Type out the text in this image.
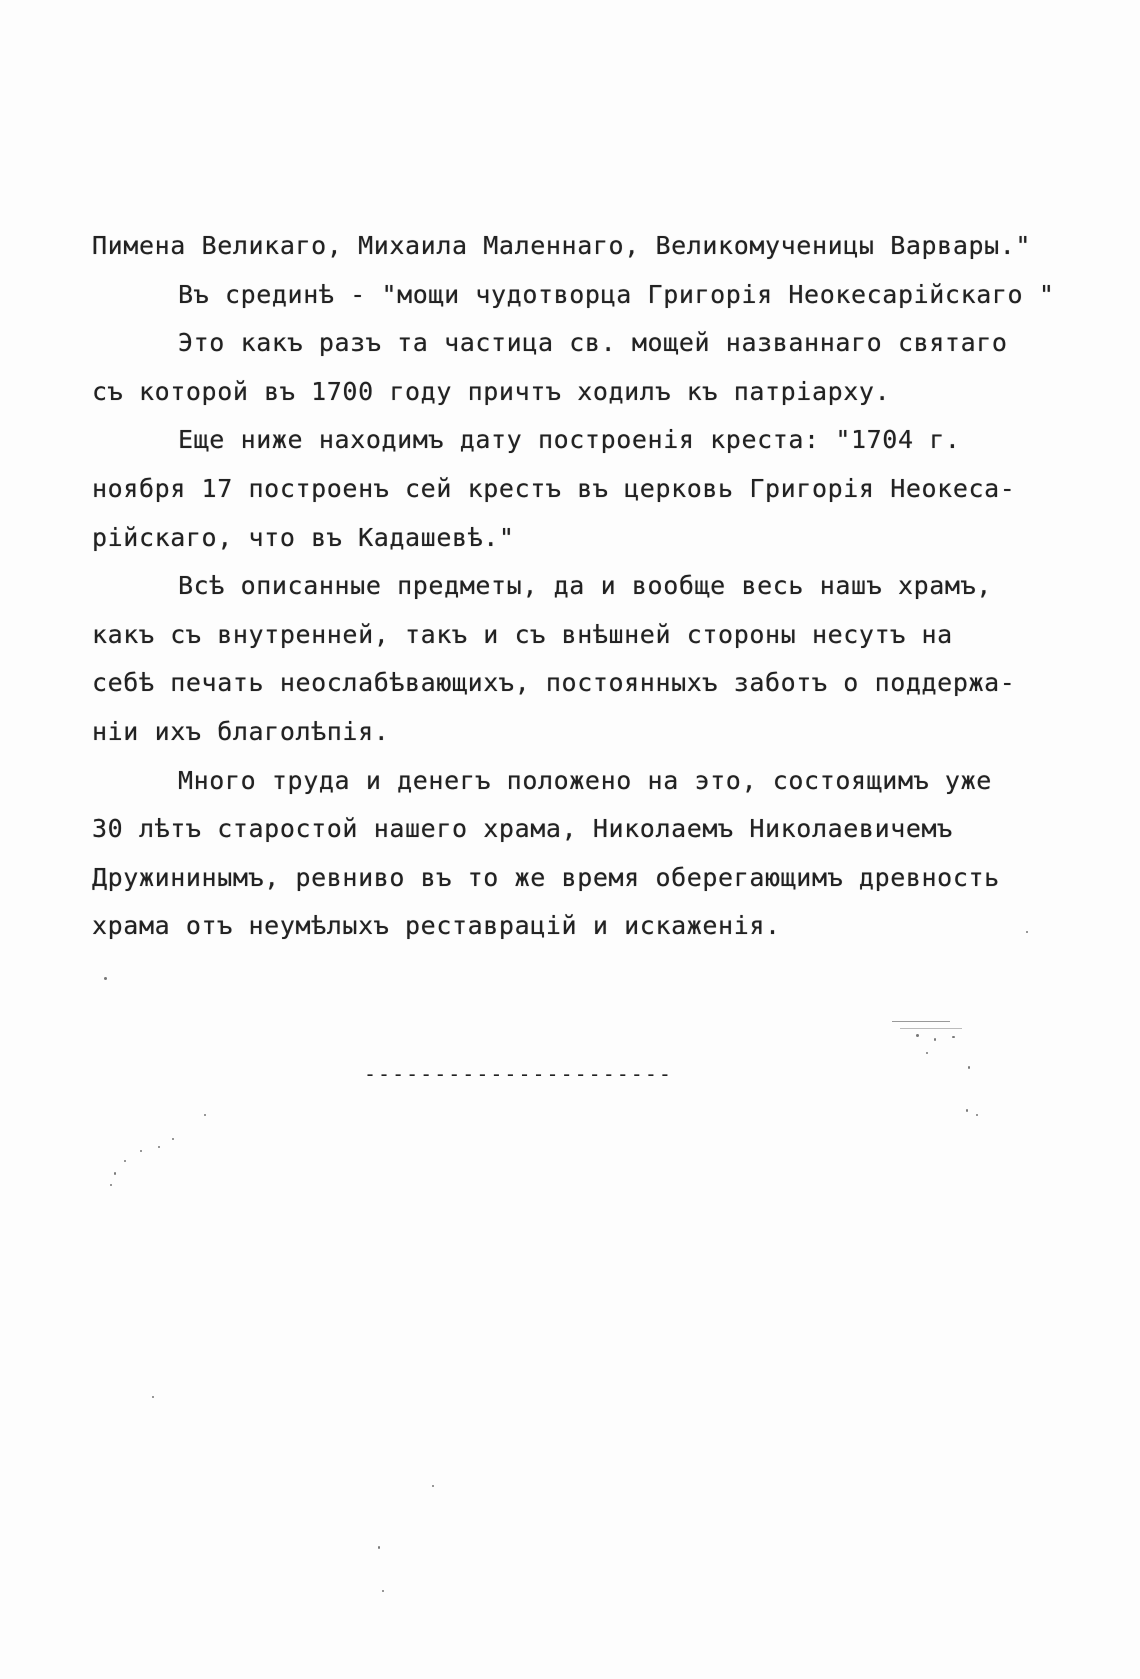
Пимена Великаго, Михаила Маленнаго, Великомученицы Варвары."
Въ срединѣ - "мощи чудотворца Григорія Неокесарійскаго "
Это какъ разъ та частица св. мощей названнаго святаго
съ которой въ 1700 году причтъ ходилъ къ патріарху.
Еще ниже находимъ дату построенія креста: "1704 г.
ноября 17 построенъ сей крестъ въ церковь Григорія Неокеса-
рійскаго, что въ Кадашевѣ."
Всѣ описанные предметы, да и вообще весь нашъ храмъ,
какъ съ внутренней, такъ и съ внѣшней стороны несутъ на
себѣ печать неослабѣвающихъ, постоянныхъ заботъ о поддержа-
ніи ихъ благолѣпія.
Много труда и денегъ положено на это, состоящимъ уже
30 лѣтъ старостой нашего храма, Николаемъ Николаевичемъ
Дружининымъ, ревниво въ то же время оберегающимъ древность
храма отъ неумѣлыхъ реставрацій и искаженія.
----------------------
